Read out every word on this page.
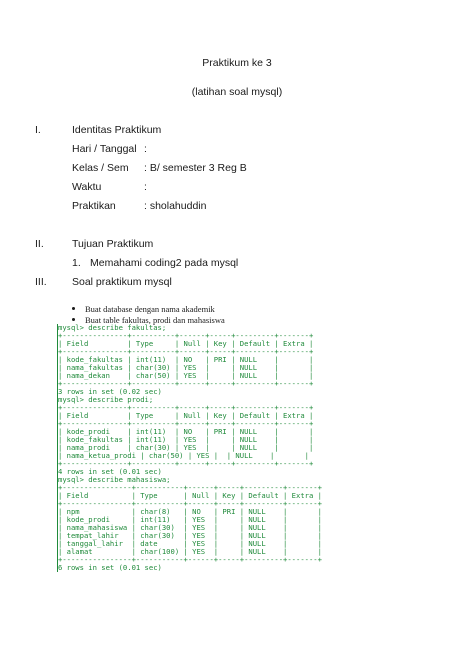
Praktikum ke 3
(latihan soal mysql)
I.	Identitas Praktikum
Hari / Tanggal :
Kelas / Sem : B/ semester 3 Reg B
Waktu	:
Praktikan	: sholahuddin
II.	Tujuan Praktikum
1. Memahami coding2 pada mysql
III. Soal praktikum mysql
Buat database dengan nama akademik
Buat table fakultas, prodi dan mahasiswa
mysql> describe fakultas;
+---------------+----------+------+-----+---------+-------+
| Field         | Type     | Null | Key | Default | Extra |
+---------------+----------+------+-----+---------+-------+
| kode_fakultas | int(11)  | NO   | PRI | NULL    |       |
| nama_fakultas | char(30) | YES  |     | NULL    |       |
| nama_dekan    | char(50) | YES  |     | NULL    |       |
+---------------+----------+------+-----+---------+-------+
3 rows in set (0.02 sec)
mysql> describe prodi;
+---------------+----------+------+-----+---------+-------+
| Field         | Type     | Null | Key | Default | Extra |
+---------------+----------+------+-----+---------+-------+
| kode_prodi    | int(11)  | NO   | PRI | NULL    |       |
| kode_fakultas | int(11)  | YES  |     | NULL    |       |
| nama_prodi    | char(30) | YES  |     | NULL    |       |
| nama_ketua_prodi | char(50) | YES |  | NULL    |       |
+---------------+----------+------+-----+---------+-------+
4 rows in set (0.01 sec)
mysql> describe mahasiswa;
+----------------+-----------+------+-----+---------+-------+
| Field          | Type      | Null | Key | Default | Extra |
+----------------+-----------+------+-----+---------+-------+
| npm            | char(8)   | NO   | PRI | NULL    |       |
| kode_prodi     | int(11)   | YES  |     | NULL    |       |
| nama_mahasiswa | char(30)  | YES  |     | NULL    |       |
| tempat_lahir   | char(30)  | YES  |     | NULL    |       |
| tanggal_lahir  | date      | YES  |     | NULL    |       |
| alamat         | char(100) | YES  |     | NULL    |       |
+----------------+-----------+------+-----+---------+-------+
6 rows in set (0.01 sec)
